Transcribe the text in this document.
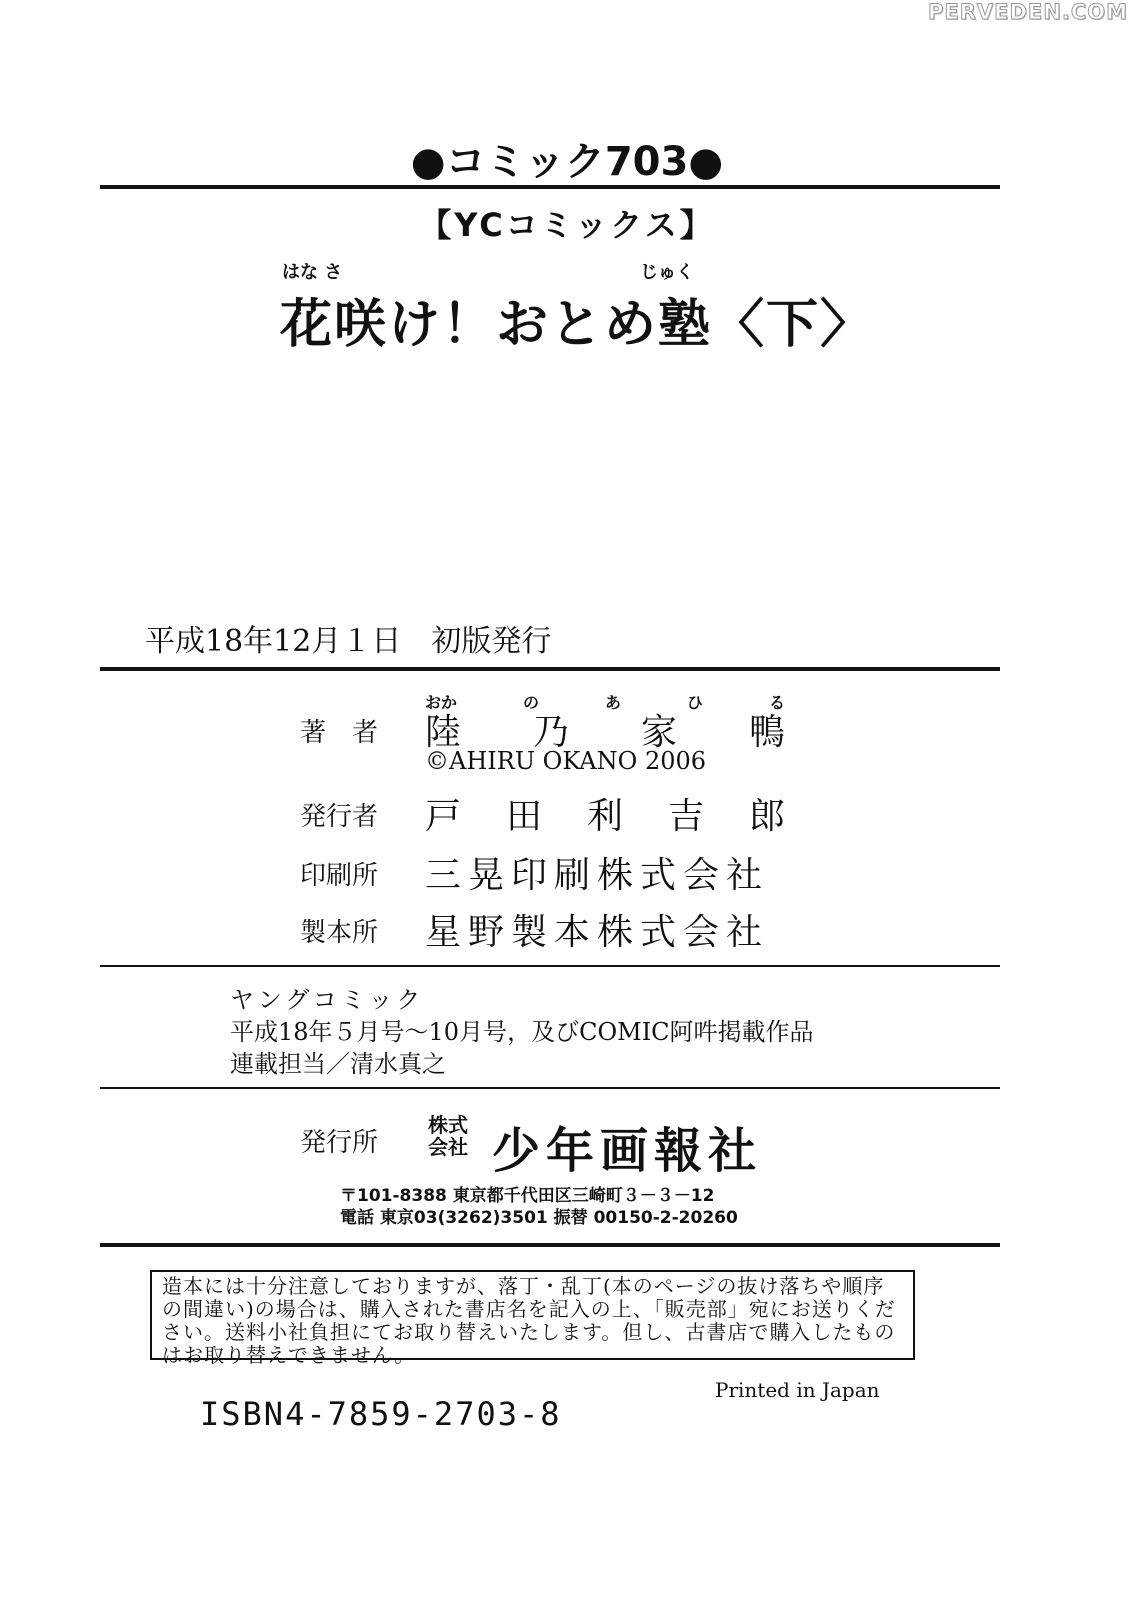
PERVEDEN.COM
●コミック703●
【YCコミックス】
はな さ	じゅく
花咲け！おとめ塾〈下〉
平成18年12月１日　初版発行
おか	の	あ	ひ	る
著　者 陸 乃 家 鴨
©AHIRU OKANO 2006
発行者 戸 田 利 吉 郎
印刷所 三晃印刷株式会社
製本所 星野製本株式会社
ヤングコミック
平成18年５月号～10月号，及びCOMIC阿吽掲載作品
連載担当／清水真之
発行所
株式会社 少年画報社
〒101-8388 東京都千代田区三崎町３－３－12
電話 東京03(3262)3501 振替 00150-2-20260
造本には十分注意しておりますが、落丁・乱丁(本のページの抜け落ちや順序の間違い)の場合は、購入された書店名を記入の上、「販売部」宛にお送りください。送料小社負担にてお取り替えいたします。但し、古書店で購入したものはお取り替えできません。
Printed in Japan
ISBN4-7859-2703-8
